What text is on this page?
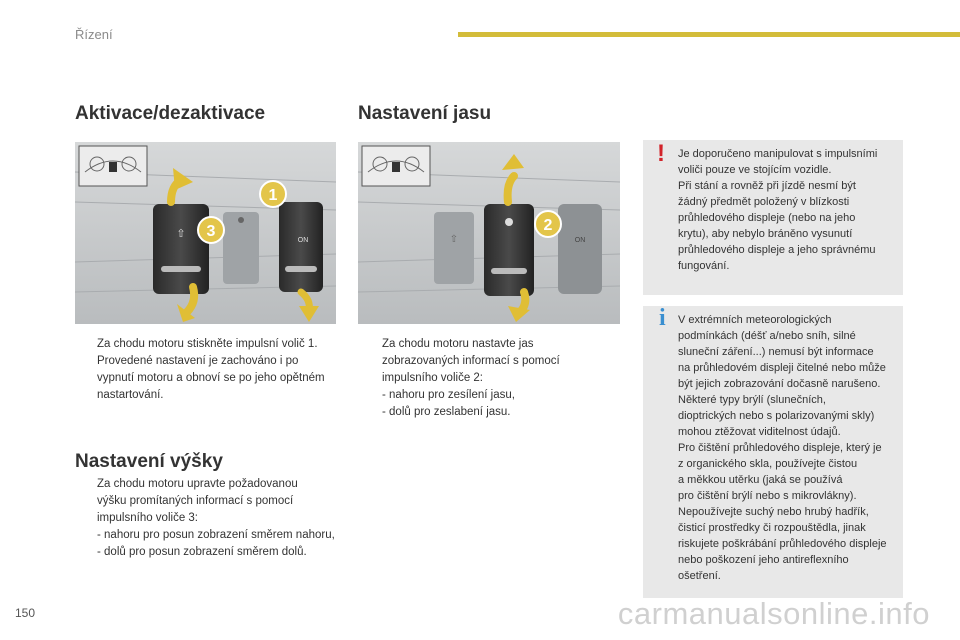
Řízení
Aktivace/dezaktivace	Nastavení jasu
⇧
ON
1
3	⇧	ON
2
Za chodu motoru stiskněte impulsní volič 1.
Provedené nastavení je zachováno i po
vypnutí motoru a obnoví se po jeho opětném
nastartování.
Za chodu motoru nastavte jas
zobrazovaných informací s pomocí
impulsního voliče 2:
- nahoru pro zesílení jasu,
- dolů pro zeslabení jasu.
Nastavení výšky
Za chodu motoru upravte požadovanou
výšku promítaných informací s pomocí
impulsního voliče 3:
- nahoru pro posun zobrazení směrem nahoru,
- dolů pro posun zobrazení směrem dolů.
! Je doporučeno manipulovat s impulsními
voliči pouze ve stojícím vozidle.
Při stání a rovněž při jízdě nesmí být
žádný předmět položený v blízkosti
průhledového displeje (nebo na jeho
krytu), aby nebylo bráněno vysunutí
průhledového displeje a jeho správnému
fungování.
i V extrémních meteorologických
podmínkách (déšť a/nebo sníh, silné
sluneční záření...) nemusí být informace
na průhledovém displeji čitelné nebo může
být jejich zobrazování dočasně narušeno.
Některé typy brýlí (slunečních,
dioptrických nebo s polarizovanými skly)
mohou ztěžovat viditelnost údajů.
Pro čištění průhledového displeje, který je
z organického skla, používejte čistou
a měkkou utěrku (jaká se používá
pro čištění brýlí nebo s mikrovlákny).
Nepoužívejte suchý nebo hrubý hadřík,
čisticí prostředky či rozpouštědla, jinak
riskujete poškrábání průhledového displeje
nebo poškození jeho antireflexního
ošetření.
150	carmanualsonline.info
